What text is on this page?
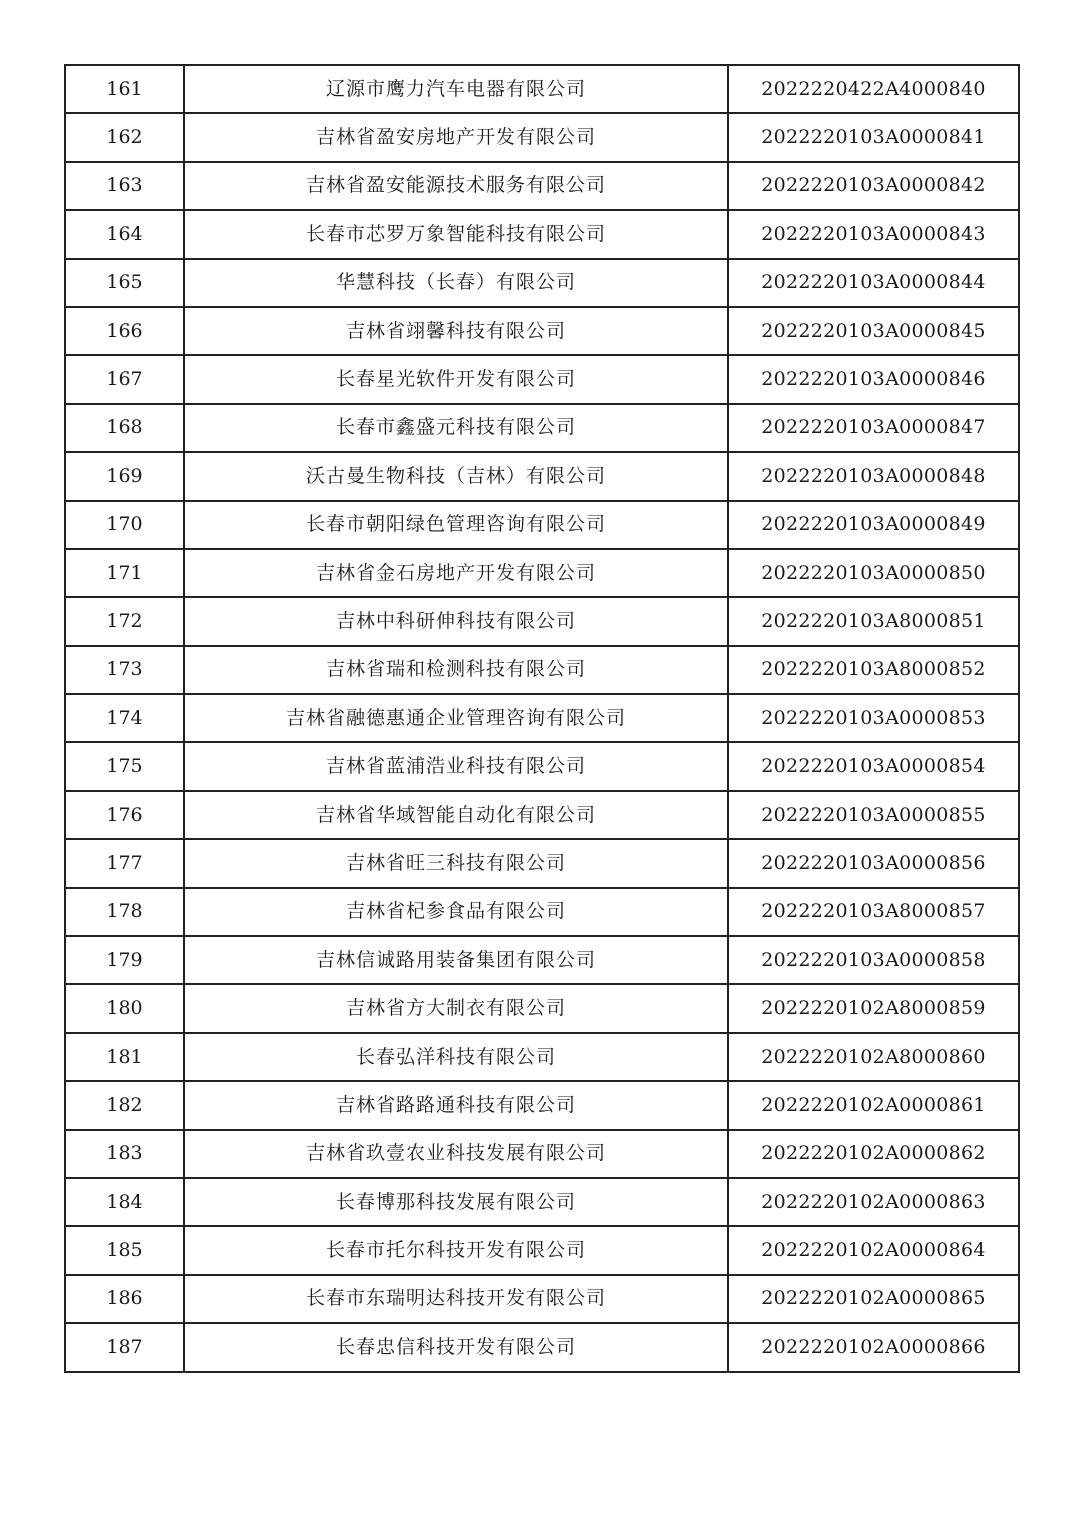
161	辽源市鹰力汽车电器有限公司	2022220422A4000840
162	吉林省盈安房地产开发有限公司	2022220103A0000841
163	吉林省盈安能源技术服务有限公司	2022220103A0000842
164	长春市芯罗万象智能科技有限公司	2022220103A0000843
165	华慧科技（长春）有限公司	2022220103A0000844
166	吉林省翊馨科技有限公司	2022220103A0000845
167	长春星光软件开发有限公司	2022220103A0000846
168	长春市鑫盛元科技有限公司	2022220103A0000847
169	沃古曼生物科技（吉林）有限公司	2022220103A0000848
170	长春市朝阳绿色管理咨询有限公司	2022220103A0000849
171	吉林省金石房地产开发有限公司	2022220103A0000850
172	吉林中科研伸科技有限公司	2022220103A8000851
173	吉林省瑞和检测科技有限公司	2022220103A8000852
174	吉林省融德惠通企业管理咨询有限公司	2022220103A0000853
175	吉林省蓝浦浩业科技有限公司	2022220103A0000854
176	吉林省华域智能自动化有限公司	2022220103A0000855
177	吉林省旺三科技有限公司	2022220103A0000856
178	吉林省杞参食品有限公司	2022220103A8000857
179	吉林信诚路用装备集团有限公司	2022220103A0000858
180	吉林省方大制衣有限公司	2022220102A8000859
181	长春弘洋科技有限公司	2022220102A8000860
182	吉林省路路通科技有限公司	2022220102A0000861
183	吉林省玖壹农业科技发展有限公司	2022220102A0000862
184	长春博那科技发展有限公司	2022220102A0000863
185	长春市托尔科技开发有限公司	2022220102A0000864
186	长春市东瑞明达科技开发有限公司	2022220102A0000865
187	长春忠信科技开发有限公司	2022220102A0000866
